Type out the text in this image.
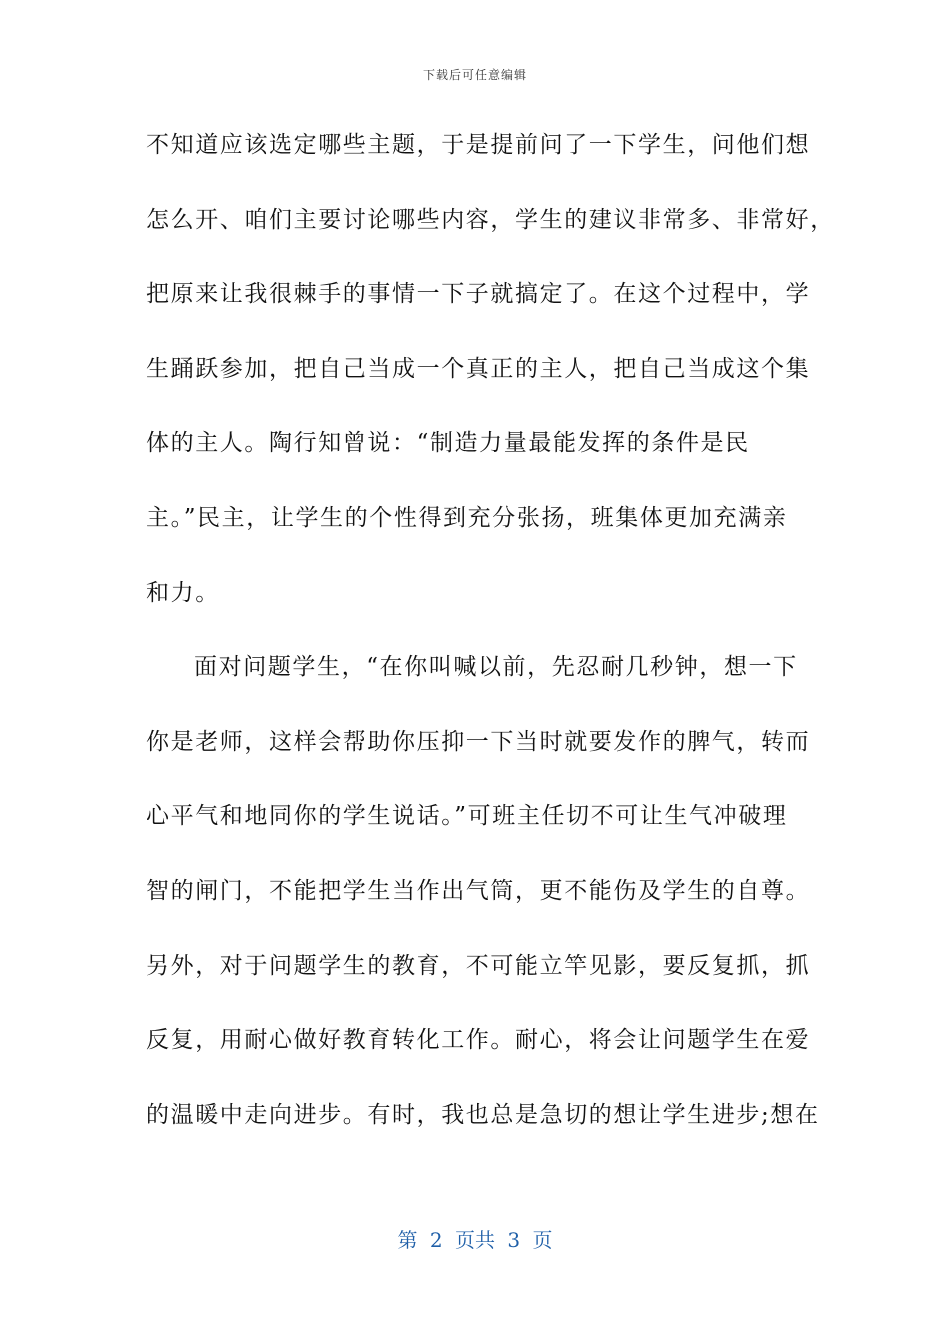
下载后可任意编辑
不知道应该选定哪些主题，于是提前问了一下学生，问他们想
怎么开、咱们主要讨论哪些内容，学生的建议非常多、非常好，
把原来让我很棘手的事情一下子就搞定了。在这个过程中，学
生踊跃参加，把自己当成一个真正的主人，把自己当成这个集
体的主人。陶行知曾说：“制造力量最能发挥的条件是民
主。”民主，让学生的个性得到充分张扬，班集体更加充满亲
和力。
面对问题学生，“在你叫喊以前，先忍耐几秒钟，想一下
你是老师，这样会帮助你压抑一下当时就要发作的脾气，转而
心平气和地同你的学生说话。”可班主任切不可让生气冲破理
智的闸门，不能把学生当作出气筒，更不能伤及学生的自尊。
另外，对于问题学生的教育，不可能立竿见影，要反复抓，抓
反复，用耐心做好教育转化工作。耐心，将会让问题学生在爱
的温暖中走向进步。有时，我也总是急切的想让学生进步;想在
第 2 页共 3 页
